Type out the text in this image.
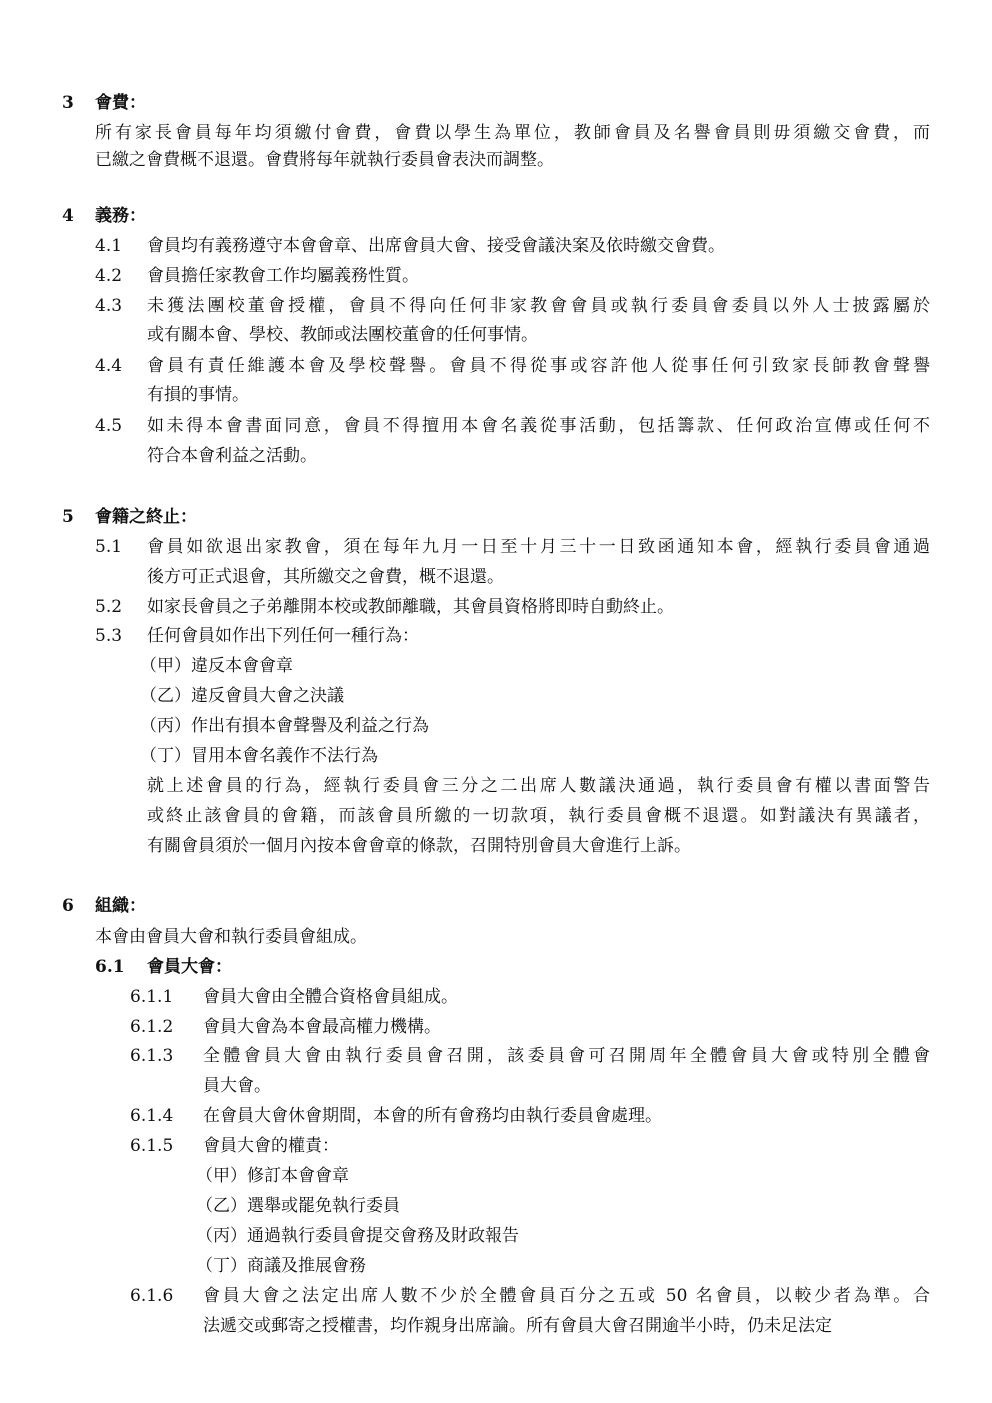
3 會費：
所有家長會員每年均須繳付會費，會費以學生為單位，教師會員及名譽會員則毋須繳交會費，而
已繳之會費概不退還。會費將每年就執行委員會表決而調整。
4 義務：
4.1 會員均有義務遵守本會會章、出席會員大會、接受會議決案及依時繳交會費。
4.2 會員擔任家教會工作均屬義務性質。
4.3 未獲法團校董會授權，會員不得向任何非家教會會員或執行委員會委員以外人士披露屬於
或有關本會、學校、教師或法團校董會的任何事情。
4.4 會員有責任維護本會及學校聲譽。會員不得從事或容許他人從事任何引致家長師教會聲譽
有損的事情。
4.5 如未得本會書面同意，會員不得擅用本會名義從事活動，包括籌款、任何政治宣傳或任何不
符合本會利益之活動。
5 會籍之終止：
5.1 會員如欲退出家教會，須在每年九月一日至十月三十一日致函通知本會，經執行委員會通過
後方可正式退會，其所繳交之會費，概不退還。
5.2 如家長會員之子弟離開本校或教師離職，其會員資格將即時自動終止。
5.3 任何會員如作出下列任何一種行為：
（甲）違反本會會章
（乙）違反會員大會之決議
（丙）作出有損本會聲譽及利益之行為
（丁）冒用本會名義作不法行為
就上述會員的行為，經執行委員會三分之二出席人數議決通過，執行委員會有權以書面警告
或終止該會員的會籍，而該會員所繳的一切款項，執行委員會概不退還。如對議決有異議者，
有關會員須於一個月內按本會會章的條款，召開特別會員大會進行上訴。
6 組織：
本會由會員大會和執行委員會組成。
6.1 會員大會：
6.1.1 會員大會由全體合資格會員組成。
6.1.2 會員大會為本會最高權力機構。
6.1.3 全體會員大會由執行委員會召開，該委員會可召開周年全體會員大會或特別全體會
員大會。
6.1.4 在會員大會休會期間，本會的所有會務均由執行委員會處理。
6.1.5 會員大會的權責：
6.1.6 會員大會之法定出席人數不少於全體會員百分之五或 50 名會員，以較少者為準。合
法遞交或郵寄之授權書，均作親身出席論。所有會員大會召開逾半小時，仍未足法定
（甲）修訂本會會章
（乙）選舉或罷免執行委員
（丙）通過執行委員會提交會務及財政報告
（丁）商議及推展會務
